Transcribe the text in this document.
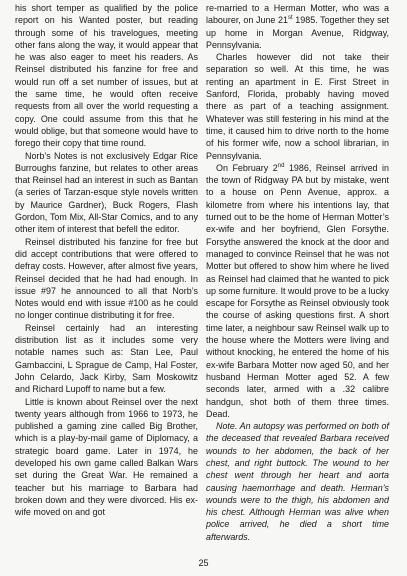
his short temper as qualified by the police report on his Wanted poster, but reading through some of his travelogues, meeting other fans along the way, it would appear that he was also eager to meet his readers. As Reinsel distributed his fanzine for free and would run off a set number of issues, but at the same time, he would often receive requests from all over the world requesting a copy. One could assume from this that he would oblige, but that someone would have to forego their copy that time round.

Norb’s Notes is not exclusively Edgar Rice Burroughs fanzine, but relates to other areas that Reinsel had an interest in such as Bantan (a series of Tarzan-esque style novels written by Maurice Gardner), Buck Rogers, Flash Gordon, Tom Mix, All-Star Comics, and to any other item of interest that befell the editor.

Reinsel distributed his fanzine for free but did accept contributions that were offered to defray costs. However, after almost five years, Reinsel decided that he had had enough. In issue #97 he announced to all that Norb’s Notes would end with issue #100 as he could no longer continue distributing it for free.

Reinsel certainly had an interesting distribution list as it includes some very notable names such as: Stan Lee, Paul Gambaccini, L Sprague de Camp, Hal Foster, John Celardo, Jack Kirby, Sam Moskowitz and Richard Lupoff to name but a few.

Little is known about Reinsel over the next twenty years although from 1966 to 1973, he published a gaming zine called Big Brother, which is a play-by-mail game of Diplomacy, a strategic board game. Later in 1974, he developed his own game called Balkan Wars set during the Great War. He remained a teacher but his marriage to Barbara had broken down and they were divorced. His ex-wife moved on and got

re-married to a Herman Motter, who was a labourer, on June 21st 1985. Together they set up home in Morgan Avenue, Ridgway, Pennsylvania.

Charles however did not take their separation so well. At this time, he was renting an apartment in E. First Street in Sanford, Florida, probably having moved there as part of a teaching assignment. Whatever was still festering in his mind at the time, it caused him to drive north to the home of his former wife, now a school librarian, in Pennsylvania.

On February 2nd 1986, Reinsel arrived in the town of Ridgway PA but by mistake, went to a house on Penn Avenue, approx. a kilometre from where his intentions lay, that turned out to be the home of Herman Motter’s ex-wife and her boyfriend, Glen Forsythe. Forsythe answered the knock at the door and managed to convince Reinsel that he was not Motter but offered to show him where he lived as Reinsel had claimed that he wanted to pick up some furniture. It would prove to be a lucky escape for Forsythe as Reinsel obviously took the course of asking questions first. A short time later, a neighbour saw Reinsel walk up to the house where the Motters were living and without knocking, he entered the home of his ex-wife Barbara Motter now aged 50, and her husband Herman Motter aged 52. A few seconds later, armed with a .32 calibre handgun, shot both of them three times. Dead.

Note. An autopsy was performed on both of the deceased that revealed Barbara received wounds to her abdomen, the back of her chest, and right buttock. The wound to her chest went through her heart and aorta causing haemorrhage and death. Herman’s wounds were to the thigh, his abdomen and his chest. Although Herman was alive when police arrived, he died a short time afterwards.

25
